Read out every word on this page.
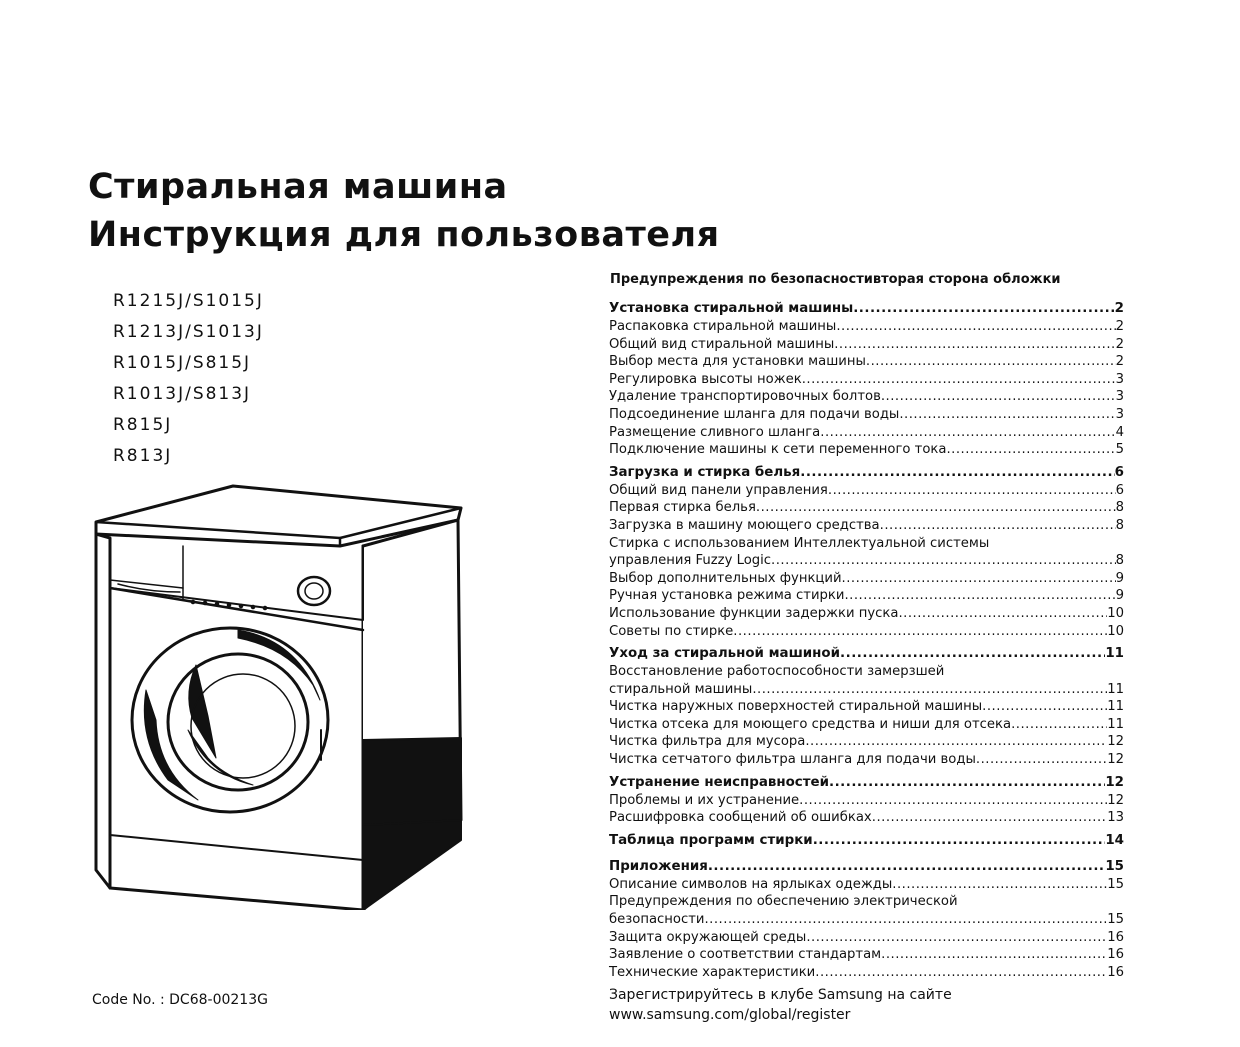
Стиральная машина
Инструкция для пользователя
R1215J/S1015J
R1213J/S1013J
R1015J/S815J
R1013J/S813J
R815J
R813J
Code No. : DC68-00213G
Предупреждения по безопасностивторая сторона обложки
Установка стиральной машины .....	2
Распаковка стиральной машины .....	2
Общий вид стиральной машины .....	2
Выбор места для установки машины .....	2
Регулировка высоты ножек .....	3
Удаление транспортировочных болтов .....	3
Подсоединение шланга для подачи воды .....	3
Размещение сливного шланга .....	4
Подключение машины к сети переменного тока .....	5
Загрузка и стирка белья .....	6
Общий вид панели управления .....	6
Первая стирка белья .....	8
Загрузка в машину моющего средства .....	8
Стирка с использованием Интеллектуальной системы
управления Fuzzy Logic .....	8
Выбор дополнительных функций .....	9
Ручная установка режима стирки .....	9
Использование функции задержки пуска .....	10
Советы по стирке .....	10
Уход за стиральной машиной .....	11
Восстановление работоспособности замерзшей
стиральной машины .....	11
Чистка наружных поверхностей стиральной машины .....	11
Чистка отсека для моющего средства и ниши для отсека .....	11
Чистка фильтра для мусора .....	12
Чистка сетчатого фильтра шланга для подачи воды .....	12
Устранение неисправностей .....	12
Проблемы и их устранение .....	12
Расшифровка сообщений об ошибках .....	13
Таблица программ стирки .....	14
Приложения .....	15
Описание символов на ярлыках одежды .....	15
Предупреждения по обеспечению электрической
безопасности .....	15
Защита окружающей среды .....	16
Заявление о соответствии стандартам .....	16
Технические характеристики .....	16
Зарегистрируйтесь в клубе Samsung на сайте
www.samsung.com/global/register
